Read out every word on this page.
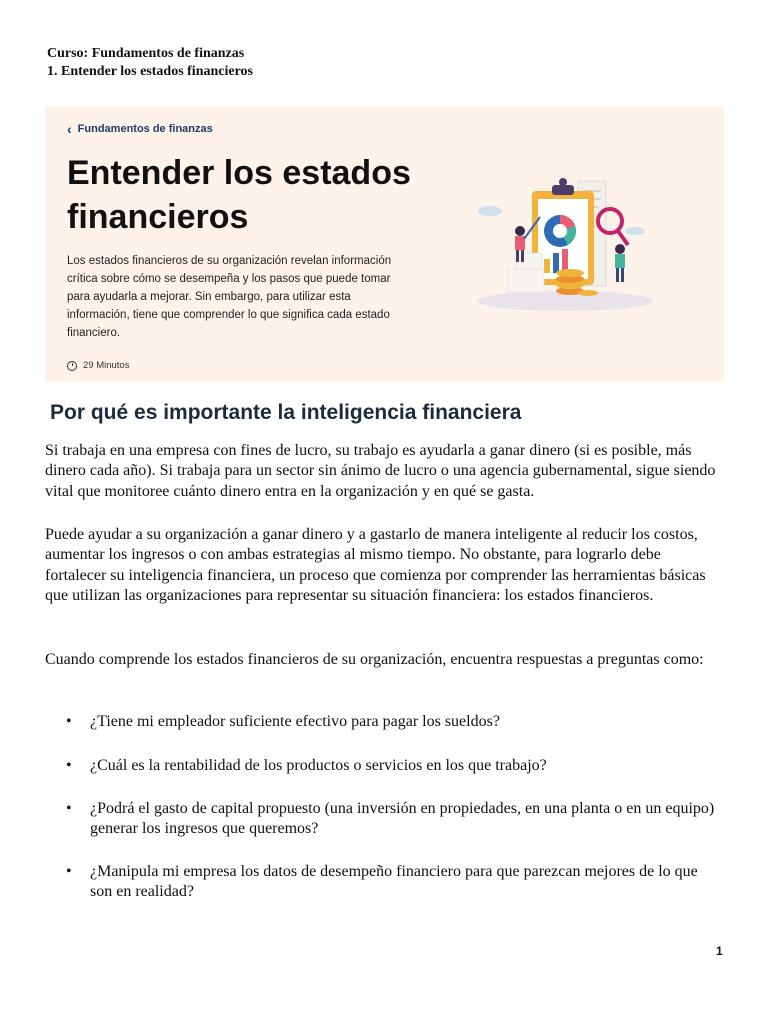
Curso: Fundamentos de finanzas
1. Entender los estados financieros
‹ Fundamentos de finanzas
Entender los estados financieros
Los estados financieros de su organización revelan información crítica sobre cómo se desempeña y los pasos que puede tomar para ayudarla a mejorar. Sin embargo, para utilizar esta información, tiene que comprender lo que significa cada estado financiero.
29 Minutos
Por qué es importante la inteligencia financiera

Si trabaja en una empresa con fines de lucro, su trabajo es ayudarla a ganar dinero (si es posible, más dinero cada año). Si trabaja para un sector sin ánimo de lucro o una agencia gubernamental, sigue siendo vital que monitoree cuánto dinero entra en la organización y en qué se gasta.

Puede ayudar a su organización a ganar dinero y a gastarlo de manera inteligente al reducir los costos, aumentar los ingresos o con ambas estrategias al mismo tiempo. No obstante, para lograrlo debe fortalecer su inteligencia financiera, un proceso que comienza por comprender las herramientas básicas que utilizan las organizaciones para representar su situación financiera: los estados financieros.

Cuando comprende los estados financieros de su organización, encuentra respuestas a preguntas como:

• ¿Tiene mi empleador suficiente efectivo para pagar los sueldos?
• ¿Cuál es la rentabilidad de los productos o servicios en los que trabajo?
• ¿Podrá el gasto de capital propuesto (una inversión en propiedades, en una planta o en un equipo) generar los ingresos que queremos?
• ¿Manipula mi empresa los datos de desempeño financiero para que parezcan mejores de lo que son en realidad?
1
